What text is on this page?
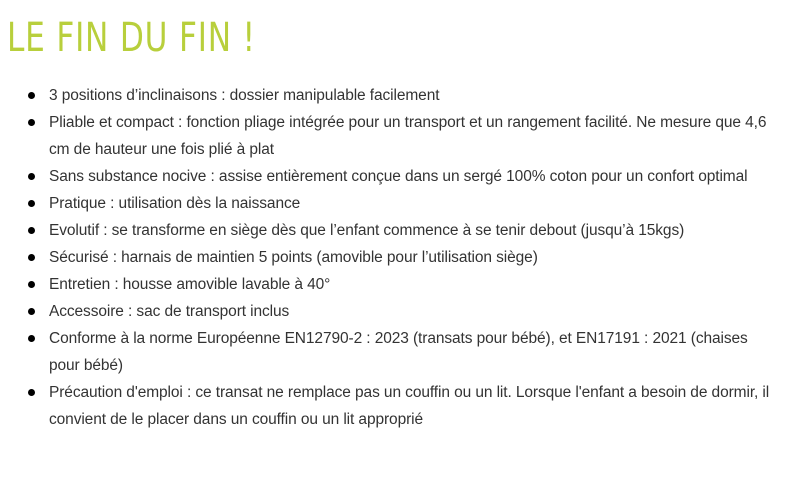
LE FIN DU FIN !
3 positions d’inclinaisons : dossier manipulable facilement
Pliable et compact : fonction pliage intégrée pour un transport et un rangement facilité. Ne mesure que 4,6 cm de hauteur une fois plié à plat
Sans substance nocive : assise entièrement conçue dans un sergé 100% coton pour un confort optimal
Pratique : utilisation dès la naissance
Evolutif : se transforme en siège dès que l’enfant commence à se tenir debout (jusqu’à 15kgs)
Sécurisé : harnais de maintien 5 points (amovible pour l’utilisation siège)
Entretien : housse amovible lavable à 40°
Accessoire : sac de transport inclus
Conforme à la norme Européenne EN12790-2 : 2023 (transats pour bébé), et EN17191 : 2021 (chaises pour bébé)
Précaution d'emploi : ce transat ne remplace pas un couffin ou un lit. Lorsque l'enfant a besoin de dormir, il convient de le placer dans un couffin ou un lit approprié
